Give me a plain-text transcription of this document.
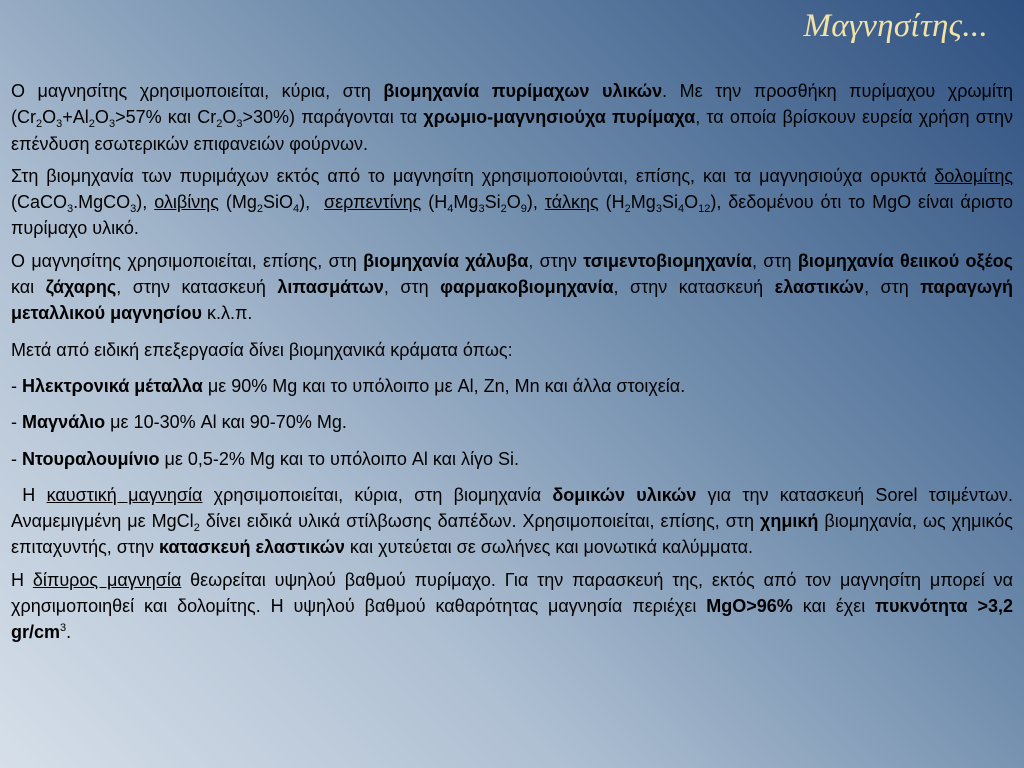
Μαγνησίτης...

Ο μαγνησίτης χρησιμοποιείται, κύρια, στη βιομηχανία πυρίμαχων υλικών. Με την προσθήκη πυρίμαχου χρωμίτη ($Cr_2O_3+Al_2O_3>57\%$ και $Cr_2O_3>30\%$) παράγονται τα χρωμιο-μαγνησιούχα πυρίμαχα, τα οποία βρίσκουν ευρεία χρήση στην επένδυση εσωτερικών επιφανειών φούρνων.

Στη βιομηχανία των πυριμάχων εκτός από το μαγνησίτη χρησιμοποιούνται, επίσης, και τα μαγνησιούχα ορυκτά δολομίτης (CaCO$_3$.MgCO$_3$), ολιβίνης $(Mg_2SiO_4)$,  σερπεντίνης $(H_4Mg_3Si_2O_9)$, τάλκης $(H_2Mg_3Si_4O_{12})$, δεδομένου ότι το MgO είναι άριστο πυρίμαχο υλικό.

Ο μαγνησίτης χρησιμοποιείται, επίσης, στη βιομηχανία χάλυβα, στην τσιμεντοβιομηχανία, στη βιομηχανία θειικού οξέος και ζάχαρης, στην κατασκευή λιπασμάτων, στη φαρμακοβιομηχανία, στην κατασκευή ελαστικών, στη παραγωγή μεταλλικού μαγνησίου κ.λ.π.

Μετά από ειδική επεξεργασία δίνει βιομηχανικά κράματα όπως:

- Ηλεκτρονικά μέταλλα με 90% Mg και το υπόλοιπο με Al, Zn, Mn και άλλα στοιχεία.

- Μαγνάλιο με 10-30% Al και 90-70% Mg.

- Ντουραλουμίνιο με 0,5-2% Mg και το υπόλοιπο Al και λίγο Si.

Η καυστική μαγνησία χρησιμοποιείται, κύρια, στη βιομηχανία δομικών υλικών για την κατασκευή Sorel τσιμέντων. Αναμεμιγμένη με MgCl$_2$ δίνει ειδικά υλικά στίλβωσης δαπέδων. Χρησιμοποιείται, επίσης, στη χημική βιομηχανία, ως χημικός επιταχυντής, στην κατασκευή ελαστικών και χυτεύεται σε σωλήνες και μονωτικά καλύμματα.

Η δίπυρος μαγνησία θεωρείται υψηλού βαθμού πυρίμαχο. Για την παρασκευή της, εκτός από τον μαγνησίτη μπορεί να χρησιμοποιηθεί και δολομίτης. Η υψηλού βαθμού καθαρότητας μαγνησία περιέχει MgO>96% και έχει πυκνότητα >3,2 $gr/cm^3$.
